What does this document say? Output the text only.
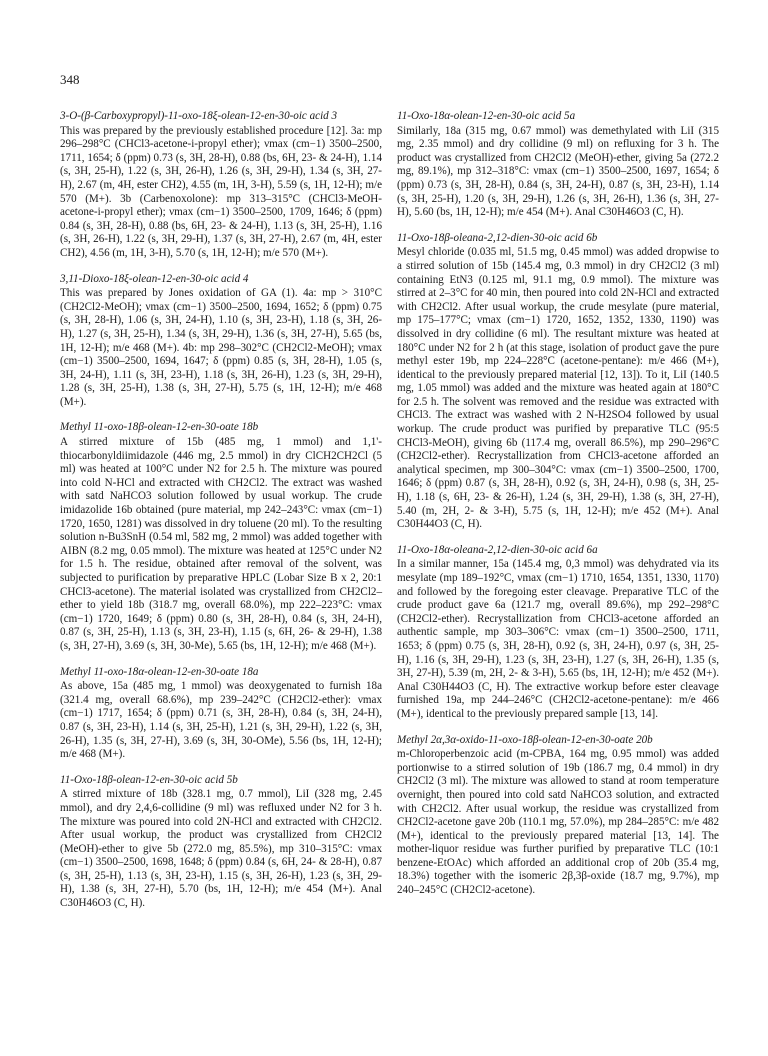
348

3-O-(β-Carboxypropyl)-11-oxo-18ξ-olean-12-en-30-oic acid 3

This was prepared by the previously established procedure [12]. 3a: mp 296–298°C (CHCl3-acetone-i-propyl ether); νmax (cm−1) 3500–2500, 1711, 1654; δ (ppm) 0.73 (s, 3H, 28-H), 0.88 (bs, 6H, 23- & 24-H), 1.14 (s, 3H, 25-H), 1.22 (s, 3H, 26-H), 1.26 (s, 3H, 29-H), 1.34 (s, 3H, 27-H), 2.67 (m, 4H, ester CH2), 4.55 (m, 1H, 3-H), 5.59 (s, 1H, 12-H); m/e 570 (M+). 3b (Carbenoxolone): mp 313–315°C (CHCl3-MeOH-acetone-i-propyl ether); νmax (cm−1) 3500–2500, 1709, 1646; δ (ppm) 0.84 (s, 3H, 28-H), 0.88 (bs, 6H, 23- & 24-H), 1.13 (s, 3H, 25-H), 1.16 (s, 3H, 26-H), 1.22 (s, 3H, 29-H), 1.37 (s, 3H, 27-H), 2.67 (m, 4H, ester CH2), 4.56 (m, 1H, 3-H), 5.70 (s, 1H, 12-H); m/e 570 (M+).

3,11-Dioxo-18ξ-olean-12-en-30-oic acid 4

This was prepared by Jones oxidation of GA (1). 4a: mp > 310°C (CH2Cl2-MeOH); νmax (cm−1) 3500–2500, 1694, 1652; δ (ppm) 0.75 (s, 3H, 28-H), 1.06 (s, 3H, 24-H), 1.10 (s, 3H, 23-H), 1.18 (s, 3H, 26-H), 1.27 (s, 3H, 25-H), 1.34 (s, 3H, 29-H), 1.36 (s, 3H, 27-H), 5.65 (bs, 1H, 12-H); m/e 468 (M+). 4b: mp 298–302°C (CH2Cl2-MeOH); νmax (cm−1) 3500–2500, 1694, 1647; δ (ppm) 0.85 (s, 3H, 28-H), 1.05 (s, 3H, 24-H), 1.11 (s, 3H, 23-H), 1.18 (s, 3H, 26-H), 1.23 (s, 3H, 29-H), 1.28 (s, 3H, 25-H), 1.38 (s, 3H, 27-H), 5.75 (s, 1H, 12-H); m/e 468 (M+).

Methyl 11-oxo-18β-olean-12-en-30-oate 18b

A stirred mixture of 15b (485 mg, 1 mmol) and 1,1'-thiocarbonyldiimidazole (446 mg, 2.5 mmol) in dry ClCH2CH2Cl (5 ml) was heated at 100°C under N2 for 2.5 h. The mixture was poured into cold N-HCl and extracted with CH2Cl2. The extract was washed with satd NaHCO3 solution followed by usual workup. The crude imidazolide 16b obtained (pure material, mp 242–243°C: νmax (cm−1) 1720, 1650, 1281) was dissolved in dry toluene (20 ml). To the resulting solution n-Bu3SnH (0.54 ml, 582 mg, 2 mmol) was added together with AIBN (8.2 mg, 0.05 mmol). The mixture was heated at 125°C under N2 for 1.5 h. The residue, obtained after removal of the solvent, was subjected to purification by preparative HPLC (Lobar Size B x 2, 20:1 CHCl3-acetone). The material isolated was crystallized from CH2Cl2–ether to yield 18b (318.7 mg, overall 68.0%), mp 222–223°C: νmax (cm−1) 1720, 1649; δ (ppm) 0.80 (s, 3H, 28-H), 0.84 (s, 3H, 24-H), 0.87 (s, 3H, 25-H), 1.13 (s, 3H, 23-H), 1.15 (s, 6H, 26- & 29-H), 1.38 (s, 3H, 27-H), 3.69 (s, 3H, 30-Me), 5.65 (bs, 1H, 12-H); m/e 468 (M+).

Methyl 11-oxo-18α-olean-12-en-30-oate 18a

As above, 15a (485 mg, 1 mmol) was deoxygenated to furnish 18a (321.4 mg, overall 68.6%), mp 239–242°C (CH2Cl2-ether): νmax (cm−1) 1717, 1654; δ (ppm) 0.71 (s, 3H, 28-H), 0.84 (s, 3H, 24-H), 0.87 (s, 3H, 23-H), 1.14 (s, 3H, 25-H), 1.21 (s, 3H, 29-H), 1.22 (s, 3H, 26-H), 1.35 (s, 3H, 27-H), 3.69 (s, 3H, 30-OMe), 5.56 (bs, 1H, 12-H); m/e 468 (M+).

11-Oxo-18β-olean-12-en-30-oic acid 5b

A stirred mixture of 18b (328.1 mg, 0.7 mmol), LiI (328 mg, 2.45 mmol), and dry 2,4,6-collidine (9 ml) was refluxed under N2 for 3 h. The mixture was poured into cold 2N-HCl and extracted with CH2Cl2. After usual workup, the product was crystallized from CH2Cl2 (MeOH)-ether to give 5b (272.0 mg, 85.5%), mp 310–315°C: νmax (cm−1) 3500–2500, 1698, 1648; δ (ppm) 0.84 (s, 6H, 24- & 28-H), 0.87 (s, 3H, 25-H), 1.13 (s, 3H, 23-H), 1.15 (s, 3H, 26-H), 1.23 (s, 3H, 29-H), 1.38 (s, 3H, 27-H), 5.70 (bs, 1H, 12-H); m/e 454 (M+). Anal C30H46O3 (C, H).

11-Oxo-18α-olean-12-en-30-oic acid 5a

Similarly, 18a (315 mg, 0.67 mmol) was demethylated with LiI (315 mg, 2.35 mmol) and dry collidine (9 ml) on refluxing for 3 h. The product was crystallized from CH2Cl2 (MeOH)-ether, giving 5a (272.2 mg, 89.1%), mp 312–318°C: νmax (cm−1) 3500–2500, 1697, 1654; δ (ppm) 0.73 (s, 3H, 28-H), 0.84 (s, 3H, 24-H), 0.87 (s, 3H, 23-H), 1.14 (s, 3H, 25-H), 1.20 (s, 3H, 29-H), 1.26 (s, 3H, 26-H), 1.36 (s, 3H, 27-H), 5.60 (bs, 1H, 12-H); m/e 454 (M+). Anal C30H46O3 (C, H).

11-Oxo-18β-oleana-2,12-dien-30-oic acid 6b

Mesyl chloride (0.035 ml, 51.5 mg, 0.45 mmol) was added dropwise to a stirred solution of 15b (145.4 mg, 0.3 mmol) in dry CH2Cl2 (3 ml) containing EtN3 (0.125 ml, 91.1 mg, 0.9 mmol). The mixture was stirred at 2–3°C for 40 min, then poured into cold 2N-HCl and extracted with CH2Cl2. After usual workup, the crude mesylate (pure material, mp 175–177°C; νmax (cm−1) 1720, 1652, 1352, 1330, 1190) was dissolved in dry collidine (6 ml). The resultant mixture was heated at 180°C under N2 for 2 h (at this stage, isolation of product gave the pure methyl ester 19b, mp 224–228°C (acetone-pentane): m/e 466 (M+), identical to the previously prepared material [12, 13]). To it, LiI (140.5 mg, 1.05 mmol) was added and the mixture was heated again at 180°C for 2.5 h. The solvent was removed and the residue was extracted with CHCl3. The extract was washed with 2 N-H2SO4 followed by usual workup. The crude product was purified by preparative TLC (95:5 CHCl3-MeOH), giving 6b (117.4 mg, overall 86.5%), mp 290–296°C (CH2Cl2-ether). Recrystallization from CHCl3-acetone afforded an analytical specimen, mp 300–304°C: νmax (cm−1) 3500–2500, 1700, 1646; δ (ppm) 0.87 (s, 3H, 28-H), 0.92 (s, 3H, 24-H), 0.98 (s, 3H, 25-H), 1.18 (s, 6H, 23- & 26-H), 1.24 (s, 3H, 29-H), 1.38 (s, 3H, 27-H), 5.40 (m, 2H, 2- & 3-H), 5.75 (s, 1H, 12-H); m/e 452 (M+). Anal C30H44O3 (C, H).

11-Oxo-18α-oleana-2,12-dien-30-oic acid 6a

In a similar manner, 15a (145.4 mg, 0,3 mmol) was dehydrated via its mesylate (mp 189–192°C, νmax (cm−1) 1710, 1654, 1351, 1330, 1170) and followed by the foregoing ester cleavage. Preparative TLC of the crude product gave 6a (121.7 mg, overall 89.6%), mp 292–298°C (CH2Cl2-ether). Recrystallization from CHCl3-acetone afforded an authentic sample, mp 303–306°C: νmax (cm−1) 3500–2500, 1711, 1653; δ (ppm) 0.75 (s, 3H, 28-H), 0.92 (s, 3H, 24-H), 0.97 (s, 3H, 25-H), 1.16 (s, 3H, 29-H), 1.23 (s, 3H, 23-H), 1.27 (s, 3H, 26-H), 1.35 (s, 3H, 27-H), 5.39 (m, 2H, 2- & 3-H), 5.65 (bs, 1H, 12-H); m/e 452 (M+). Anal C30H44O3 (C, H). The extractive workup before ester cleavage furnished 19a, mp 244–246°C (CH2Cl2-acetone-pentane): m/e 466 (M+), identical to the previously prepared sample [13, 14].

Methyl 2α,3α-oxido-11-oxo-18β-olean-12-en-30-oate 20b

m-Chloroperbenzoic acid (m-CPBA, 164 mg, 0.95 mmol) was added portionwise to a stirred solution of 19b (186.7 mg, 0.4 mmol) in dry CH2Cl2 (3 ml). The mixture was allowed to stand at room temperature overnight, then poured into cold satd NaHCO3 solution, and extracted with CH2Cl2. After usual workup, the residue was crystallized from CH2Cl2-acetone gave 20b (110.1 mg, 57.0%), mp 284–285°C: m/e 482 (M+), identical to the previously prepared material [13, 14]. The mother-liquor residue was further purified by preparative TLC (10:1 benzene-EtOAc) which afforded an additional crop of 20b (35.4 mg, 18.3%) together with the isomeric 2β,3β-oxide (18.7 mg, 9.7%), mp 240–245°C (CH2Cl2-acetone).
